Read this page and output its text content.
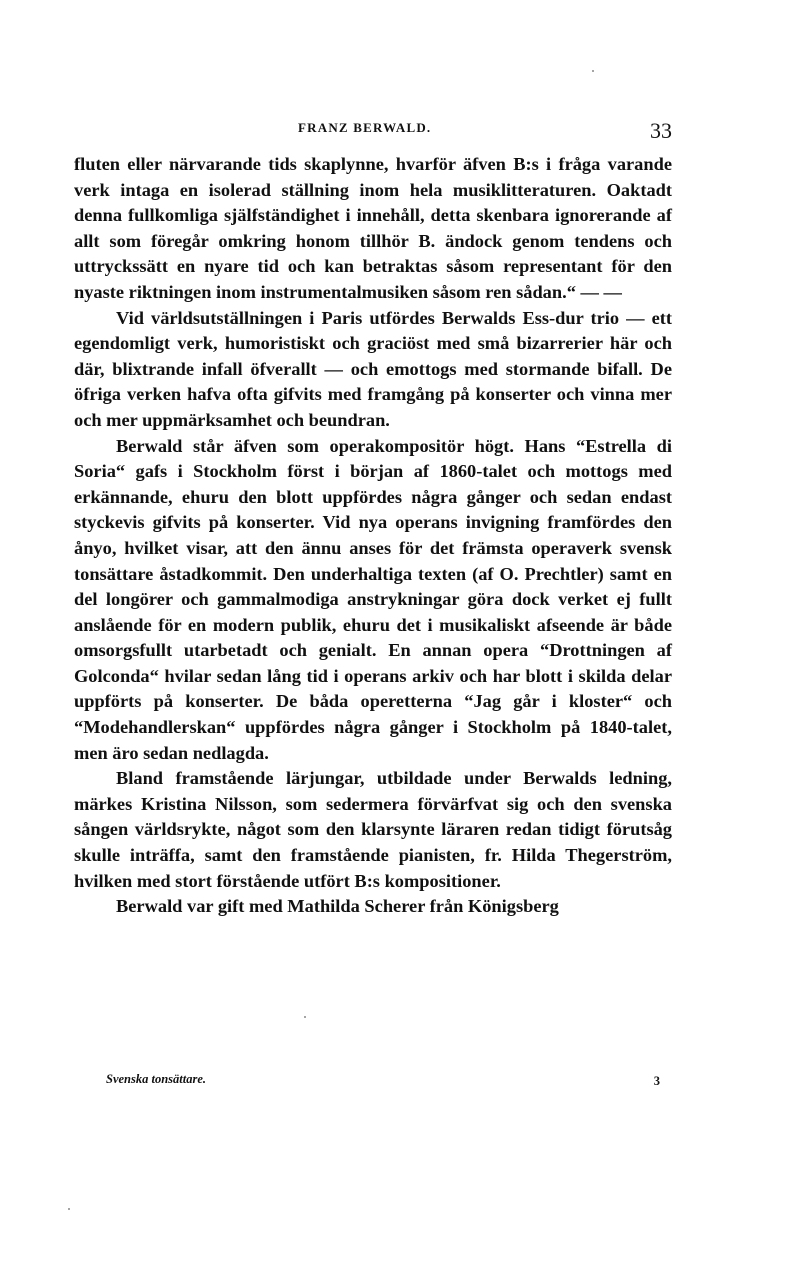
FRANZ BERWALD.	33

fluten eller närvarande tids skaplynne, hvarför äfven B:s i fråga varande verk intaga en isolerad ställning inom hela musiklitteraturen. Oaktadt denna fullkomliga själfständighet i innehåll, detta skenbara ignorerande af allt som föregår omkring honom tillhör B. ändock genom tendens och uttryckssätt en nyare tid och kan betraktas såsom representant för den nyaste riktningen inom instrumentalmusiken såsom ren sådan.“ — —

Vid världsutställningen i Paris utfördes Berwalds Ess-dur trio — ett egendomligt verk, humoristiskt och graciöst med små bizarrerier här och där, blixtrande infall öfverallt — och emottogs med stormande bifall. De öfriga verken hafva ofta gifvits med framgång på konserter och vinna mer och mer uppmärksamhet och beundran.

Berwald står äfven som operakompositör högt. Hans “Estrella di Soria“ gafs i Stockholm först i början af 1860-talet och mottogs med erkännande, ehuru den blott uppfördes några gånger och sedan endast styckevis gifvits på konserter. Vid nya operans invigning framfördes den ånyo, hvilket visar, att den ännu anses för det främsta operaverk svensk tonsättare åstadkommit. Den underhaltiga texten (af O. Prechtler) samt en del longörer och gammalmodiga anstrykningar göra dock verket ej fullt anslående för en modern publik, ehuru det i musikaliskt afseende är både omsorgsfullt utarbetadt och genialt. En annan opera “Drottningen af Golconda“ hvilar sedan lång tid i operans arkiv och har blott i skilda delar uppförts på konserter. De båda operetterna “Jag går i kloster“ och “Modehandlerskan“ uppfördes några gånger i Stockholm på 1840-talet, men äro sedan nedlagda.

Bland framstående lärjungar, utbildade under Berwalds ledning, märkes Kristina Nilsson, som sedermera förvärfvat sig och den svenska sången världsrykte, något som den klarsynte läraren redan tidigt förutsåg skulle inträffa, samt den framstående pianisten, fr. Hilda Thegerström, hvilken med stort förstående utfört B:s kompositioner.

Berwald var gift med Mathilda Scherer från Königsberg

Svenska tonsättare.	3
